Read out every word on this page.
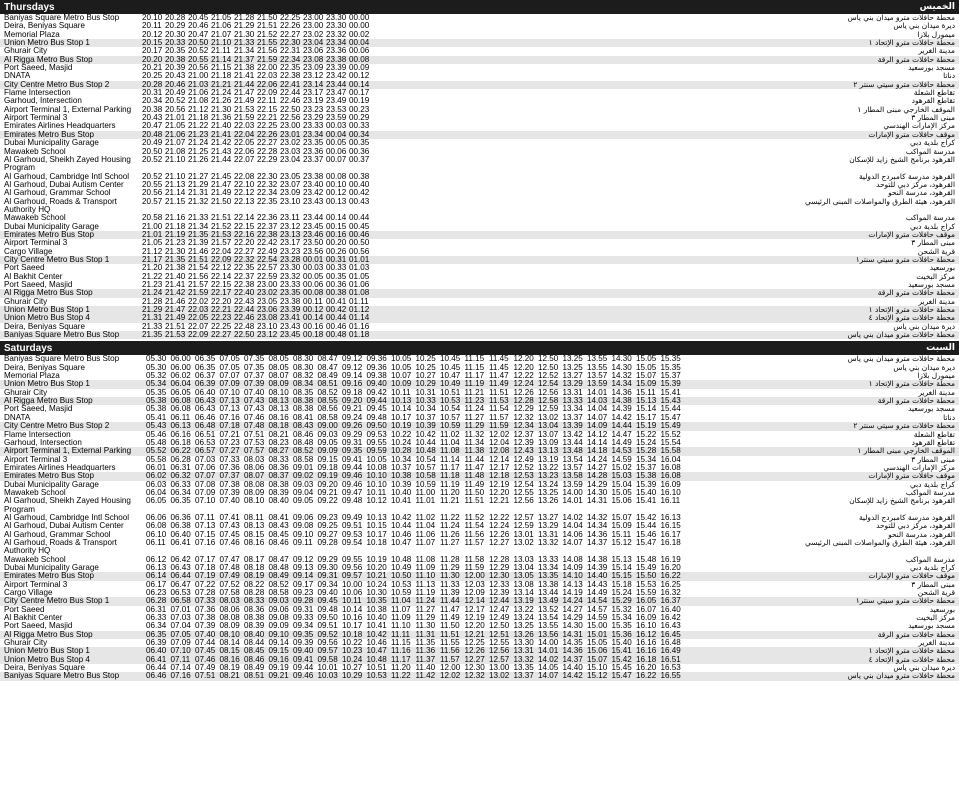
Thursdays	الخميس
Baniyas Square Metro Bus Stop	20.10 20.28 20.45 21.05 21.28 21.50 22.25 23.00 23.30 00.00	محطة حافلات مترو ميدان بني ياس
Deira, Beniyas Square	20.11 20.29 20.46 21.06 21.29 21.51 22.26 23.00 23.30 00.00	ديرة ميدان بني ياس
Memorial Plaza	20.12 20.30 20.47 21.07 21.30 21.52 22.27 23.02 23.32 00.02	ميمورل بلازا
Union Metro Bus Stop 1	20.15 20.33 20.50 21.10 21.33 21.55 22.30 23.04 23.34 00.04	محطة حافلات مترو الإتحاد ١
Ghurair City	20.17 20.35 20.52 21.11 21.34 21.56 22.31 23.06 23.36 00.06	مدينة الغرير
Al Rigga Metro Bus Stop	20.20 20.38 20.55 21.14 21.37 21.59 22.34 23.08 23.38 00.08	محطة حافلات مترو الرقة
Port Saeed, Masjid	20.21 20.39 20.56 21.15 21.38 22.00 22.35 23.09 23.39 00.09	مسجد بورسعيد
DNATA	20.25 20.43 21.00 21.18 21.41 22.03 22.38 23.12 23.42 00.12	دناتا
City Centre Metro Bus Stop 2	20.28 20.46 21.03 21.21 21.44 22.06 22.41 23.14 23.44 00.14	محطة حافلات مترو سيتي سنتر ٢
Flame Intersection	20.31 20.49 21.06 21.24 21.47 22.09 22.44 23.17 23.47 00.17	تقاطع الشعلة
Garhoud, Intersection	20.34 20.52 21.08 21.26 21.49 22.11 22.46 23.19 23.49 00.19	تقاطع القرهود
Airport Terminal 1, External Parking	20.38 20.56 21.12 21.30 21.53 22.15 22.50 23.23 23.53 00.23	الموقف الخارجي مبنى المطار ١
Airport Terminal 3	20.43 21.01 21.18 21.36 21.59 22.21 22.56 23.29 23.59 00.29	مبنى المطار ٣
Emirates Airlines Headquarters	20.47 21.05 21.22 21.40 22.03 22.25 23.00 23.33 00.03 00.33	مركز الإمارات الهندسي
Emirates Metro Bus Stop	20.48 21.06 21.23 21.41 22.04 22.26 23.01 23.34 00.04 00.34	موقف حافلات مترو الإمارات
Dubai Municipality Garage	20.49 21.07 21.24 21.42 22.05 22.27 23.02 23.35 00.05 00.35	كراج بلدية دبي
Mawakeb School	20.50 21.08 21.25 21.43 22.06 22.28 23.03 23.36 00.06 00.36	مدرسة المواكب
Al Garhoud, Sheikh Zayed Housing Program	20.52 21.10 21.26 21.44 22.07 22.29 23.04 23.37 00.07 00.37	القرهود برنامج الشيخ زايد للإسكان
Al Garhoud, Cambridge Intl School	20.52 21.10 21.27 21.45 22.08 22.30 23.05 23.38 00.08 00.38	القرهود مدرسة كامبردج الدولية
Al Garhoud, Dubai Autism Center	20.55 21.13 21.29 21.47 22.10 22.32 23.07 23.40 00.10 00.40	القرهود، مركز دبي للتوحد
Al Garhoud, Grammar School	20.56 21.14 21.31 21.49 22.12 22.34 23.09 23.42 00.12 00.42	القرهود، مدرسة النحو
Al Garhoud, Roads & Transport Authority HQ	20.57 21.15 21.32 21.50 22.13 22.35 23.10 23.43 00.13 00.43	القرهود، هيئة الطرق والمواصلات المبنى الرئيسي
Mawakeb School	20.58 21.16 21.33 21.51 22.14 22.36 23.11 23.44 00.14 00.44	مدرسة المواكب
Dubai Municipality Garage	21.00 21.18 21.34 21.52 22.15 22.37 23.12 23.45 00.15 00.45	كراج بلدية دبي
Emirates Metro Bus Stop	21.01 21.19 21.35 21.53 22.16 22.38 23.13 23.46 00.16 00.46	موقف حافلات مترو الإمارات
Airport Terminal 3	21.05 21.23 21.39 21.57 22.20 22.42 23.17 23.50 00.20 00.50	مبنى المطار ٣
Cargo Village	21.12 21.30 21.46 22.04 22.27 22.49 23.23 23.56 00.26 00.56	قرية الشحن
City Centre Metro Bus Stop 1	21.17 21.35 21.51 22.09 22.32 22.54 23.28 00.01 00.31 01.01	محطة حافلات مترو سيتي سنتر١
Port Saeed	21.20 21.38 21.54 22.12 22.35 22.57 23.30 00.03 00.33 01.03	بورسعيد
Al Bakhit Center	21.22 21.40 21.56 22.14 22.37 22.59 23.32 00.05 00.35 01.05	مركز البخيت
Port Saeed, Masjid	21.23 21.41 21.57 22.15 22.38 23.00 23.33 00.06 00.36 01.06	مسجد بورسعيد
Al Rigga Metro Bus Stop	21.24 21.42 21.59 22.17 22.40 23.02 23.35 00.08 00.38 01.08	محطة حافلات مترو الرقة
Ghurair City	21.28 21.46 22.02 22.20 22.43 23.05 23.38 00.11 00.41 01.11	مدينة الغرير
Union Metro Bus Stop 1	21.29 21.47 22.03 22.21 22.44 23.06 23.39 00.12 00.42 01.12	محطة حافلات مترو الإتحاد ١
Union Metro Bus Stop 4	21.31 21.49 22.05 22.23 22.46 23.08 23.41 00.14 00.44 01.14	محطة حافلات مترو الإتحاد ٤
Deira, Beniyas Square	21.33 21.51 22.07 22.25 22.48 23.10 23.43 00.16 00.46 01.16	ديرة ميدان بني ياس
Baniyas Square Metro Bus Stop	21.35 21.53 22.09 22.27 22.50 23.12 23.45 00.18 00.48 01.18	محطة حافلات مترو ميدان بني ياس
Saturdays	السبت
Baniyas Square Metro Bus Stop	05.30 06.00 06.35 07.05 07.35 08.05 08.30 08.47 09.12 09.36 10.05 10.25 10.45 11.15 11.45 12.20 12.50 13.25 13.55 14.30 15.05 15.35	محطة حافلات مترو ميدان بني ياس
Deira, Beniyas Square	05.30 06.00 06.35 07.05 07.35 08.05 08.30 08.47 09.12 09.36 10.05 10.25 10.45 11.15 11.45 12.20 12.50 13.25 13.55 14.30 15.05 15.35	ديرة ميدان بني ياس
Memorial Plaza	05.32 06.02 06.37 07.07 07.37 08.07 08.32 08.49 09.14 09.38 10.07 10.27 10.47 11.17 11.47 12.22 12.52 13.27 13.57 14.32 15.07 15.37	ميمورل بلازا
Union Metro Bus Stop 1	05.34 06.04 06.39 07.09 07.39 08.09 08.34 08.51 09.16 09.40 10.09 10.29 10.49 11.19 11.49 12.24 12.54 13.29 13.59 14.34 15.09 15.39	محطة حافلات مترو الإتحاد ١
Ghurair City	05.35 06.05 06.40 07.10 07.40 08.10 08.35 08.52 09.18 09.42 10.11 10.31 10.51 11.21 11.51 12.26 12.56 13.31 14.01 14.36 15.11 15.41	مدينة الغرير
Al Rigga Metro Bus Stop	05.38 06.08 06.43 07.13 07.43 08.13 08.38 08.55 09.20 09.44 10.13 10.33 10.53 11.23 11.53 12.28 12.58 13.33 14.03 14.38 15.13 15.43	محطة حافلات مترو الرقة
Port Saeed, Masjid	05.38 06.08 06.43 07.13 07.43 08.13 08.38 08.56 09.21 09.45 10.14 10.34 10.54 11.24 11.54 12.29 12.59 13.34 14.04 14.39 15.14 15.44	مسجد بورسعيد
DNATA	05.41 06.11 06.46 07.16 07.46 08.16 08.41 08.58 09.24 09.48 10.17 10.37 10.57 11.27 11.57 12.32 13.02 13.37 14.07 14.42 15.17 15.47	دناتا
City Centre Metro Bus Stop 2	05.43 06.13 06.48 07.18 07.48 08.18 08.43 09.00 09.26 09.50 10.19 10.39 10.59 11.29 11.59 12.34 13.04 13.39 14.09 14.44 15.19 15.49	محطة حافلات مترو سيتي سنتر ٢
Flame Intersection	05.46 06.16 06.51 07.21 07.51 08.21 08.46 09.03 09.29 09.53 10.22 10.42 11.02 11.32 12.02 12.37 13.07 13.42 14.12 14.47 15.22 15.52	تقاطع الشعلة
Garhoud, Intersection	05.48 06.18 06.53 07.23 07.53 08.23 08.48 09.05 09.31 09.55 10.24 10.44 11.04 11.34 12.04 12.39 13.09 13.44 14.14 14.49 15.24 15.54	تقاطع القرهود
Airport Terminal 1, External Parking	05.52 06.22 06.57 07.27 07.57 08.27 08.52 09.09 09.35 09.59 10.28 10.48 11.08 11.38 12.08 12.43 13.13 13.48 14.18 14.53 15.28 15.58	الموقف الخارجي مبنى المطار ١
Airport Terminal 3	05.58 06.28 07.03 07.33 08.03 08.33 08.58 09.15 09.41 10.05 10.34 10.54 11.14 11.44 12.14 12.49 13.19 13.54 14.24 14.59 15.34 16.04	مبنى المطار ٣
Emirates Airlines Headquarters	06.01 06.31 07.06 07.36 08.06 08.36 09.01 09.18 09.44 10.08 10.37 10.57 11.17 11.47 12.17 12.52 13.22 13.57 14.27 15.02 15.37 16.08	مركز الإمارات الهندسي
Emirates Metro Bus Stop	06.02 06.32 07.07 07.37 08.07 08.37 09.02 09.19 09.46 10.10 10.38 10.58 11.18 11.48 12.18 12.53 13.23 13.58 14.28 15.03 15.38 16.08	موقف حافلات مترو الإمارات
Dubai Municipality Garage	06.03 06.33 07.08 07.38 08.08 08.38 09.03 09.20 09.46 10.10 10.39 10.59 11.19 11.49 12.19 12.54 13.24 13.59 14.29 15.04 15.39 16.09	كراج بلدية دبي
Mawakeb School	06.04 06.34 07.09 07.39 08.09 08.39 09.04 09.21 09.47 10.11 10.40 11.00 11.20 11.50 12.20 12.55 13.25 14.00 14.30 15.05 15.40 16.10	مدرسة المواكب
Al Garhoud, Sheikh Zayed Housing Program	06.05 06.35 07.10 07.40 08.10 08.40 09.05 09.22 09.48 10.12 10.41 11.01 11.21 11.51 12.21 12.56 13.26 14.01 14.31 15.06 15.41 16.11	القرهود برنامج الشيخ زايد للإسكان
Al Garhoud, Cambridge Intl School	06.06 06.36 07.11 07.41 08.11 08.41 09.06 09.23 09.49 10.13 10.42 11.02 11.22 11.52 12.22 12.57 13.27 14.02 14.32 15.07 15.42 16.13	القرهود مدرسة كامبردج الدولية
Al Garhoud, Dubai Autism Center	06.08 06.38 07.13 07.43 08.13 08.43 09.08 09.25 09.51 10.15 10.44 11.04 11.24 11.54 12.24 12.59 13.29 14.04 14.34 15.09 15.44 16.15	القرهود، مركز دبي للتوحد
Al Garhoud, Grammar School	06.10 06.40 07.15 07.45 08.15 08.45 09.10 09.27 09.53 10.17 10.46 11.06 11.26 11.56 12.26 13.01 13.31 14.06 14.36 15.11 15.46 16.17	القرهود، مدرسة النحو
Al Garhoud, Roads & Transport Authority HQ	06.11 06.41 07.16 07.46 08.16 08.46 09.11 09.28 09.54 10.18 10.47 11.07 11.27 11.57 12.27 13.02 13.32 14.07 14.37 15.12 15.47 16.18	القرهود، هيئة الطرق والمواصلات المبنى الرئيسي
Mawakeb School	06.12 06.42 07.17 07.47 08.17 08.47 09.12 09.29 09.55 10.19 10.48 11.08 11.28 11.58 12.28 13.03 13.33 14.08 14.38 15.13 15.48 16.19	مدرسة المواكب
Dubai Municipality Garage	06.13 06.43 07.18 07.48 08.18 08.48 09.13 09.30 09.56 10.20 10.49 11.09 11.29 11.59 12.29 13.04 13.34 14.09 14.39 15.14 15.49 16.20	كراج بلدية دبي
Emirates Metro Bus Stop	06.14 06.44 07.19 07.49 08.19 08.49 09.14 09.31 09.57 10.21 10.50 11.10 11.30 12.00 12.30 13.05 13.35 14.10 14.40 15.15 15.50 16.22	موقف حافلات مترو الإمارات
Airport Terminal 3	06.17 06.47 07.22 07.52 08.22 08.52 09.17 09.34 10.00 10.24 10.53 11.13 11.33 12.03 12.33 13.08 13.38 14.13 14.43 15.18 15.53 16.25	مبنى المطار ٣
Cargo Village	06.23 06.53 07.28 07.58 08.28 08.58 09.23 09.40 10.06 10.30 10.59 11.19 11.39 12.09 12.39 13.14 13.44 14.19 14.49 15.24 15.59 16.32	قرية الشحن
City Centre Metro Bus Stop 1	06.28 06.58 07.33 08.03 08.33 09.03 09.28 09.45 10.11 10.35 11.04 11.24 11.44 12.14 12.44 13.19 13.49 14.24 14.54 15.29 16.05 16.37	محطة حافلات مترو سيتي سنتر١
Port Saeed	06.31 07.01 07.36 08.06 08.36 09.06 09.31 09.48 10.14 10.38 11.07 11.27 11.47 12.17 12.47 13.22 13.52 14.27 14.57 15.32 16.07 16.40	بورسعيد
Al Bakhit Center	06.33 07.03 07.38 08.08 08.38 09.08 09.33 09.50 10.16 10.40 11.09 11.29 11.49 12.19 12.49 13.24 13.54 14.29 14.59 15.34 16.09 16.42	مركز البخيت
Port Saeed, Masjid	06.34 07.04 07.39 08.09 08.39 09.09 09.34 09.51 10.17 10.41 11.10 11.30 11.50 12.20 12.50 13.25 13.55 14.30 15.00 15.35 16.10 16.43	مسجد بورسعيد
Al Rigga Metro Bus Stop	06.35 07.05 07.40 08.10 08.40 09.10 09.35 09.52 10.18 10.42 11.11 11.31 11.51 12.21 12.51 13.26 13.56 14.31 15.01 15.36 16.12 16.45	محطة حافلات مترو الرقة
Ghurair City	06.39 07.09 07.44 08.14 08.44 09.14 09.39 09.56 10.22 10.46 11.15 11.35 11.55 12.25 12.55 13.30 14.00 14.35 15.05 15.40 16.16 16.48	مدينة الغرير
Union Metro Bus Stop 1	06.40 07.10 07.45 08.15 08.45 09.15 09.40 09.57 10.23 10.47 11.16 11.36 11.56 12.26 12.56 13.31 14.01 14.36 15.06 15.41 16.16 16.49	محطة حافلات مترو الإتحاد ١
Union Metro Bus Stop 4	06.41 07.11 07.46 08.16 08.46 09.16 09.41 09.58 10.24 10.48 11.17 11.37 11.57 12.27 12.57 13.32 14.02 14.37 15.07 15.42 16.18 16.51	محطة حافلات مترو الإتحاد ٤
Deira, Beniyas Square	06.44 07.14 07.49 08.19 08.49 09.19 09.44 10.01 10.27 10.51 11.20 11.40 12.00 12.30 13.00 13.35 14.05 14.40 15.10 15.45 16.20 16.53	ديرة ميدان بني ياس
Baniyas Square Metro Bus Stop	06.46 07.16 07.51 08.21 08.51 09.21 09.46 10.03 10.29 10.53 11.22 11.42 12.02 12.32 13.02 13.37 14.07 14.42 15.12 15.47 16.22 16.55	محطة حافلات مترو ميدان بني ياس
